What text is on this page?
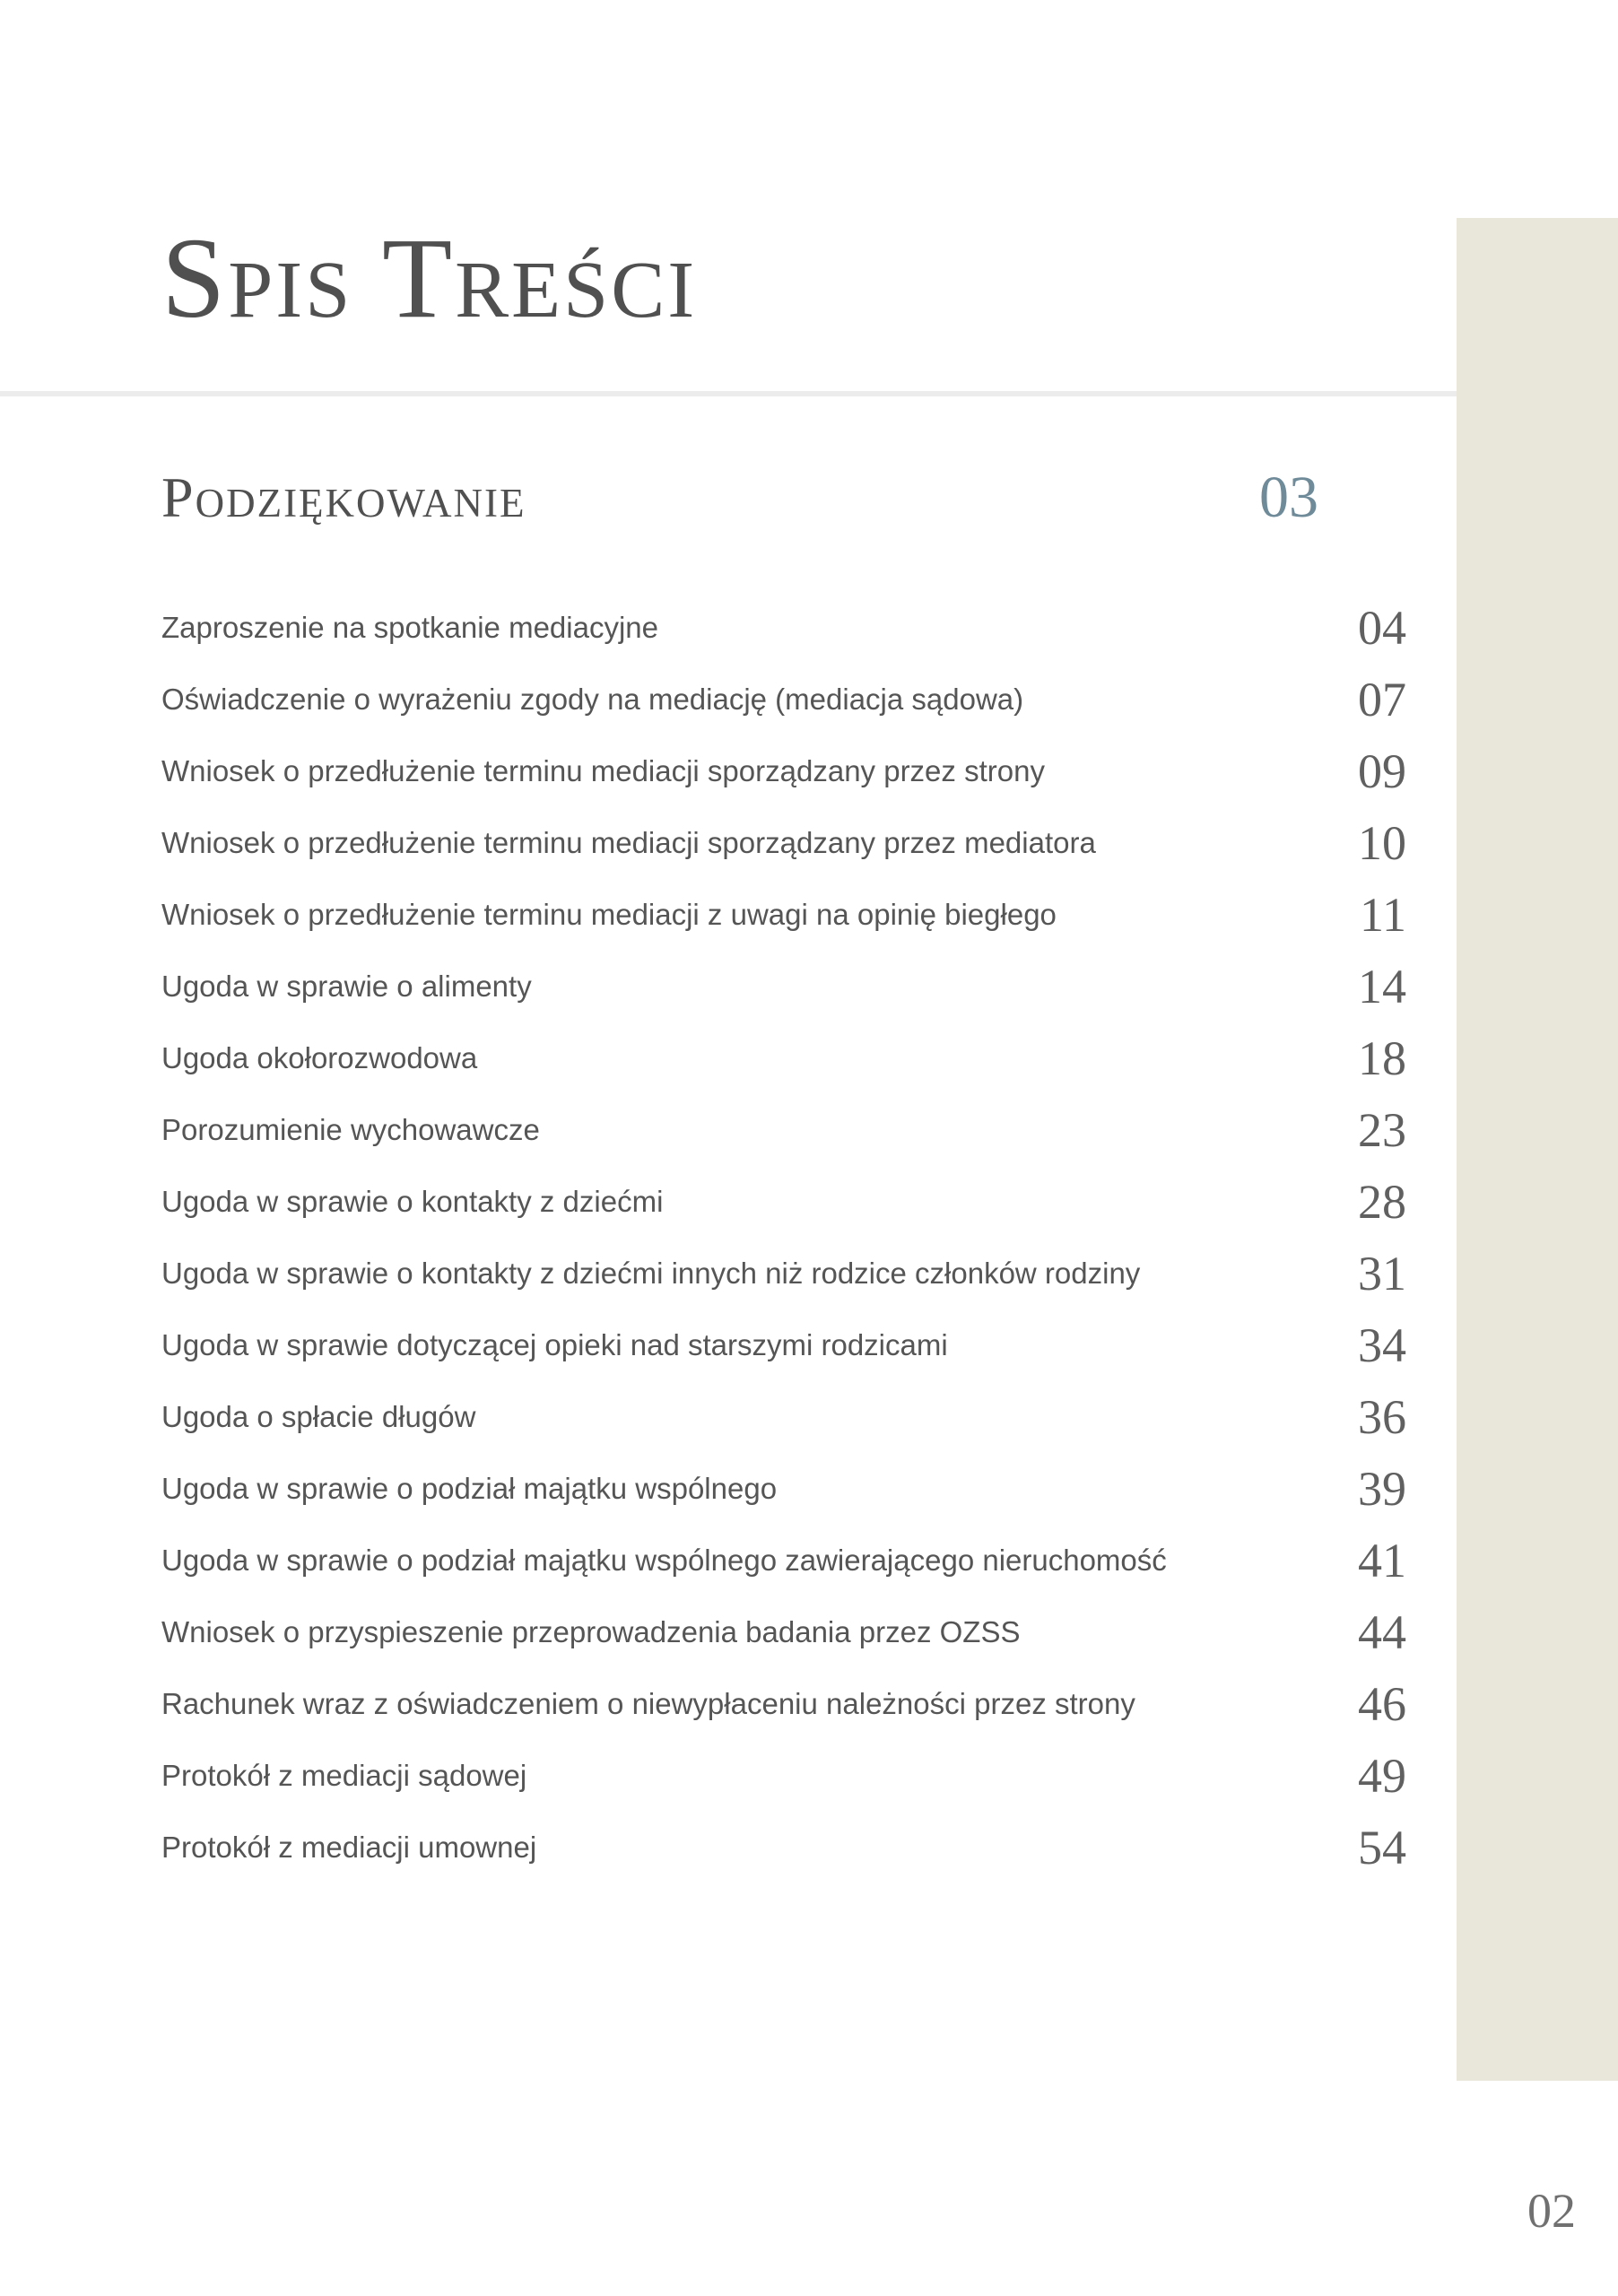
Spis Treści
Podziękowanie	03
Zaproszenie na spotkanie mediacyjne	04
Oświadczenie o wyrażeniu zgody na mediację (mediacja sądowa)	07
Wniosek o przedłużenie terminu mediacji sporządzany przez strony	09
Wniosek o przedłużenie terminu mediacji sporządzany przez mediatora	10
Wniosek o przedłużenie terminu mediacji z uwagi na opinię biegłego	11
Ugoda w sprawie o alimenty	14
Ugoda okołorozwodowa	18
Porozumienie wychowawcze	23
Ugoda w sprawie o kontakty z dziećmi	28
Ugoda w sprawie o kontakty z dziećmi innych niż rodzice członków rodziny	31
Ugoda w sprawie dotyczącej opieki nad starszymi rodzicami	34
Ugoda o spłacie długów	36
Ugoda w sprawie o podział majątku wspólnego	39
Ugoda w sprawie o podział majątku wspólnego zawierającego nieruchomość	41
Wniosek o przyspieszenie przeprowadzenia badania przez OZSS	44
Rachunek wraz z oświadczeniem o niewypłaceniu należności przez strony	46
Protokół z mediacji sądowej	49
Protokół z mediacji umownej	54
02
